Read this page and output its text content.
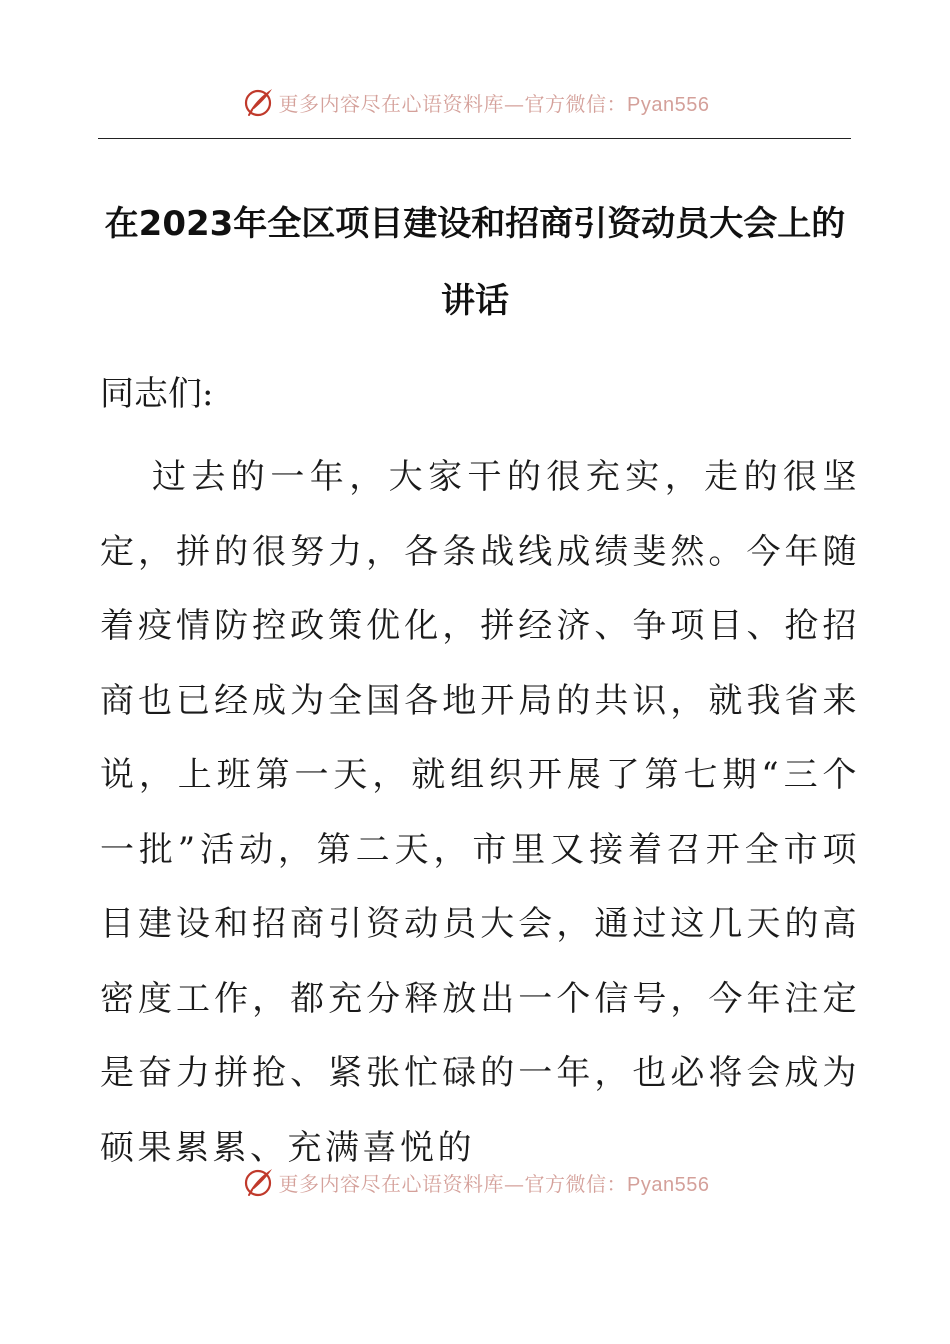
更多内容尽在心语资料库—官方微信：Pyan556
在2023年全区项目建设和招商引资动员大会上的讲话

同志们:

过去的一年，大家干的很充实，走的很坚定，拼的很努力，各条战线成绩斐然。今年随着疫情防控政策优化，拼经济、争项目、抢招商也已经成为全国各地开局的共识，就我省来说，上班第一天，就组织开展了第七期“三个一批”活动，第二天，市里又接着召开全市项目建设和招商引资动员大会，通过这几天的高密度工作，都充分释放出一个信号，今年注定是奋力拼抢、紧张忙碌的一年，也必将会成为硕果累累、充满喜悦的

更多内容尽在心语资料库—官方微信：Pyan556
